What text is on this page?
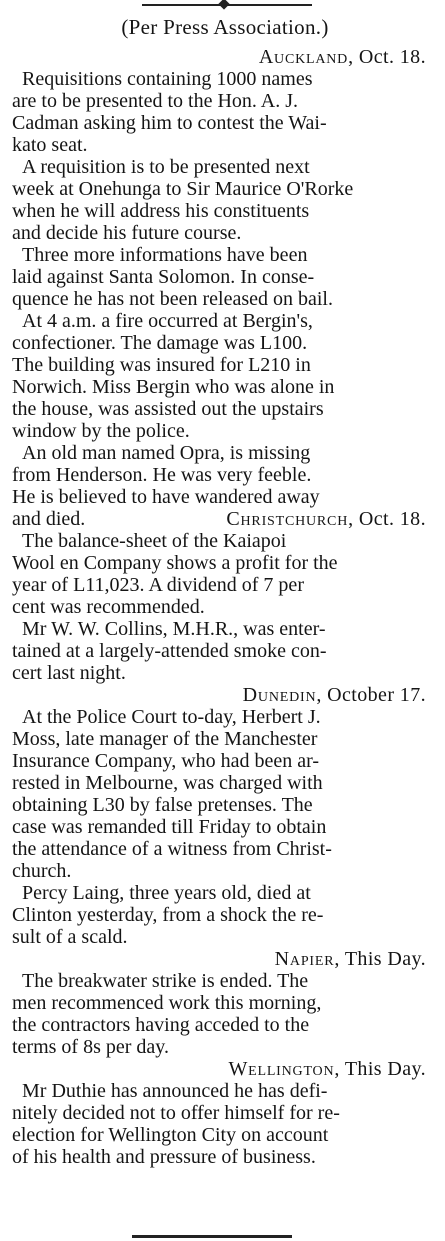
(Per Press Association.)
Auckland, Oct. 18.

Requisitions containing 1000 names
are to be presented to the Hon. A. J.
Cadman asking him to contest the Wai-
kato seat.

A requisition is to be presented next
week at Onehunga to Sir Maurice O'Rorke
when he will address his constituents
and decide his future course.

Three more informations have been
laid against Santa Solomon. In conse-
quence he has not been released on bail.

At 4 a.m. a fire occurred at Bergin's,
confectioner. The damage was L100.
The building was insured for L210 in
Norwich. Miss Bergin who was alone in
the house, was assisted out the upstairs
window by the police.

An old man named Opra, is missing
from Henderson. He was very feeble.
He is believed to have wandered away
and died.	Christchurch, Oct. 18.

The balance-sheet of the Kaiapoi
Wool en Company shows a profit for the
year of L11,023. A dividend of 7 per
cent was recommended.

Mr W. W. Collins, M.H.R., was enter-
tained at a largely-attended smoke con-
cert last night.

Dunedin, October 17.

At the Police Court to-day, Herbert J.
Moss, late manager of the Manchester
Insurance Company, who had been ar-
rested in Melbourne, was charged with
obtaining L30 by false pretenses. The
case was remanded till Friday to obtain
the attendance of a witness from Christ-
church.

Percy Laing, three years old, died at
Clinton yesterday, from a shock the re-
sult of a scald.

Napier, This Day.

The breakwater strike is ended. The
men recommenced work this morning,
the contractors having acceded to the
terms of 8s per day.

Wellington, This Day.

Mr Duthie has announced he has defi-
nitely decided not to offer himself for re-
election for Wellington City on account
of his health and pressure of business.
